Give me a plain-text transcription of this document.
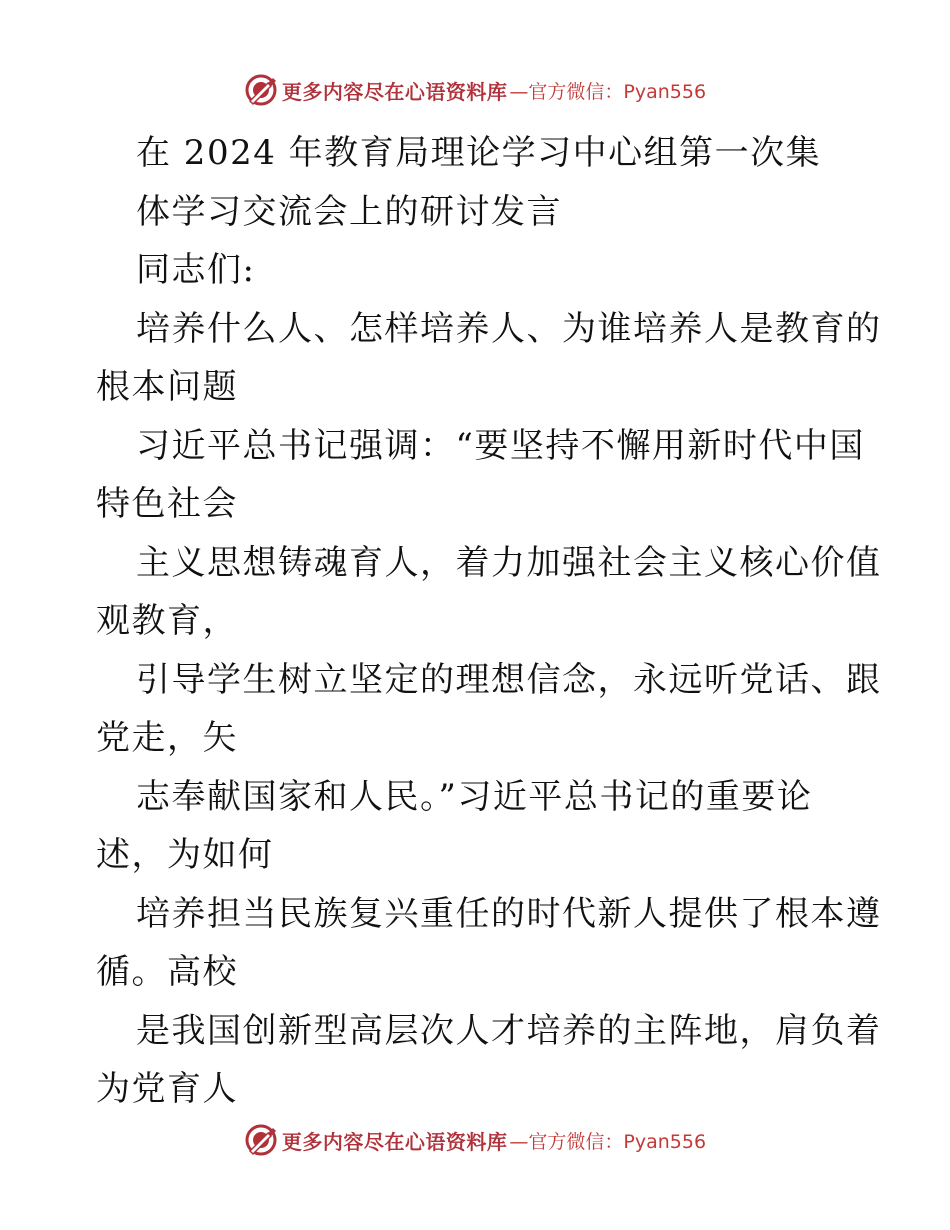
更多内容尽在心语资料库 —官方微信：Pyan556
在 2024 年教育局理论学习中心组第一次集
体学习交流会上的研讨发言
同志们:
培养什么人、怎样培养人、为谁培养人是教育的
根本问题
习近平总书记强调：“要坚持不懈用新时代中国
特色社会
主义思想铸魂育人，着力加强社会主义核心价值
观教育，
引导学生树立坚定的理想信念，永远听党话、跟
党走，矢
志奉献国家和人民。”习近平总书记的重要论
述，为如何
培养担当民族复兴重任的时代新人提供了根本遵
循。高校
是我国创新型高层次人才培养的主阵地，肩负着
为党育人
更多内容尽在心语资料库 —官方微信：Pyan556
